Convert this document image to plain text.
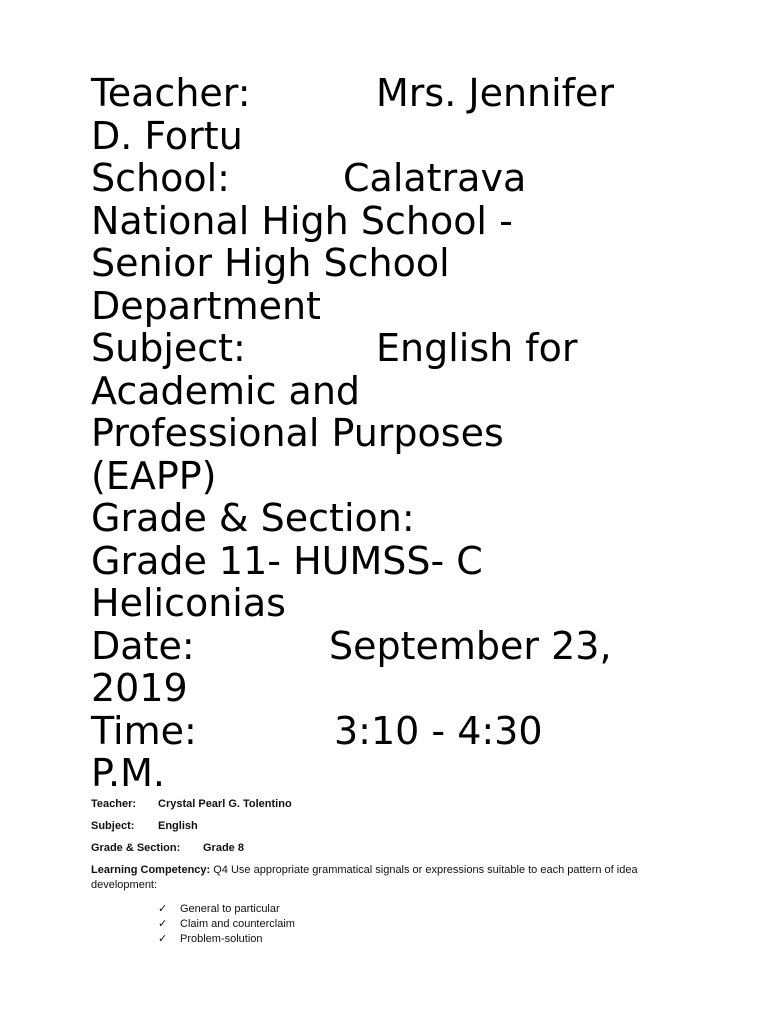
Teacher:	Mrs. Jennifer
D. Fortu
School:	Calatrava
National High School -
Senior High School
Department
Subject:	English for
Academic and
Professional Purposes
(EAPP)
Grade & Section:
Grade 11- HUMSS- C
Heliconias
Date:	September 23,
2019
Time:	3:10 - 4:30
P.M.
Teacher: Crystal Pearl G. Tolentino
Subject: English
Grade & Section: Grade 8
Learning Competency: Q4 Use appropriate grammatical signals or expressions suitable to each pattern of idea development:
✓	General to particular
✓	Claim and counterclaim
✓	Problem-solution
